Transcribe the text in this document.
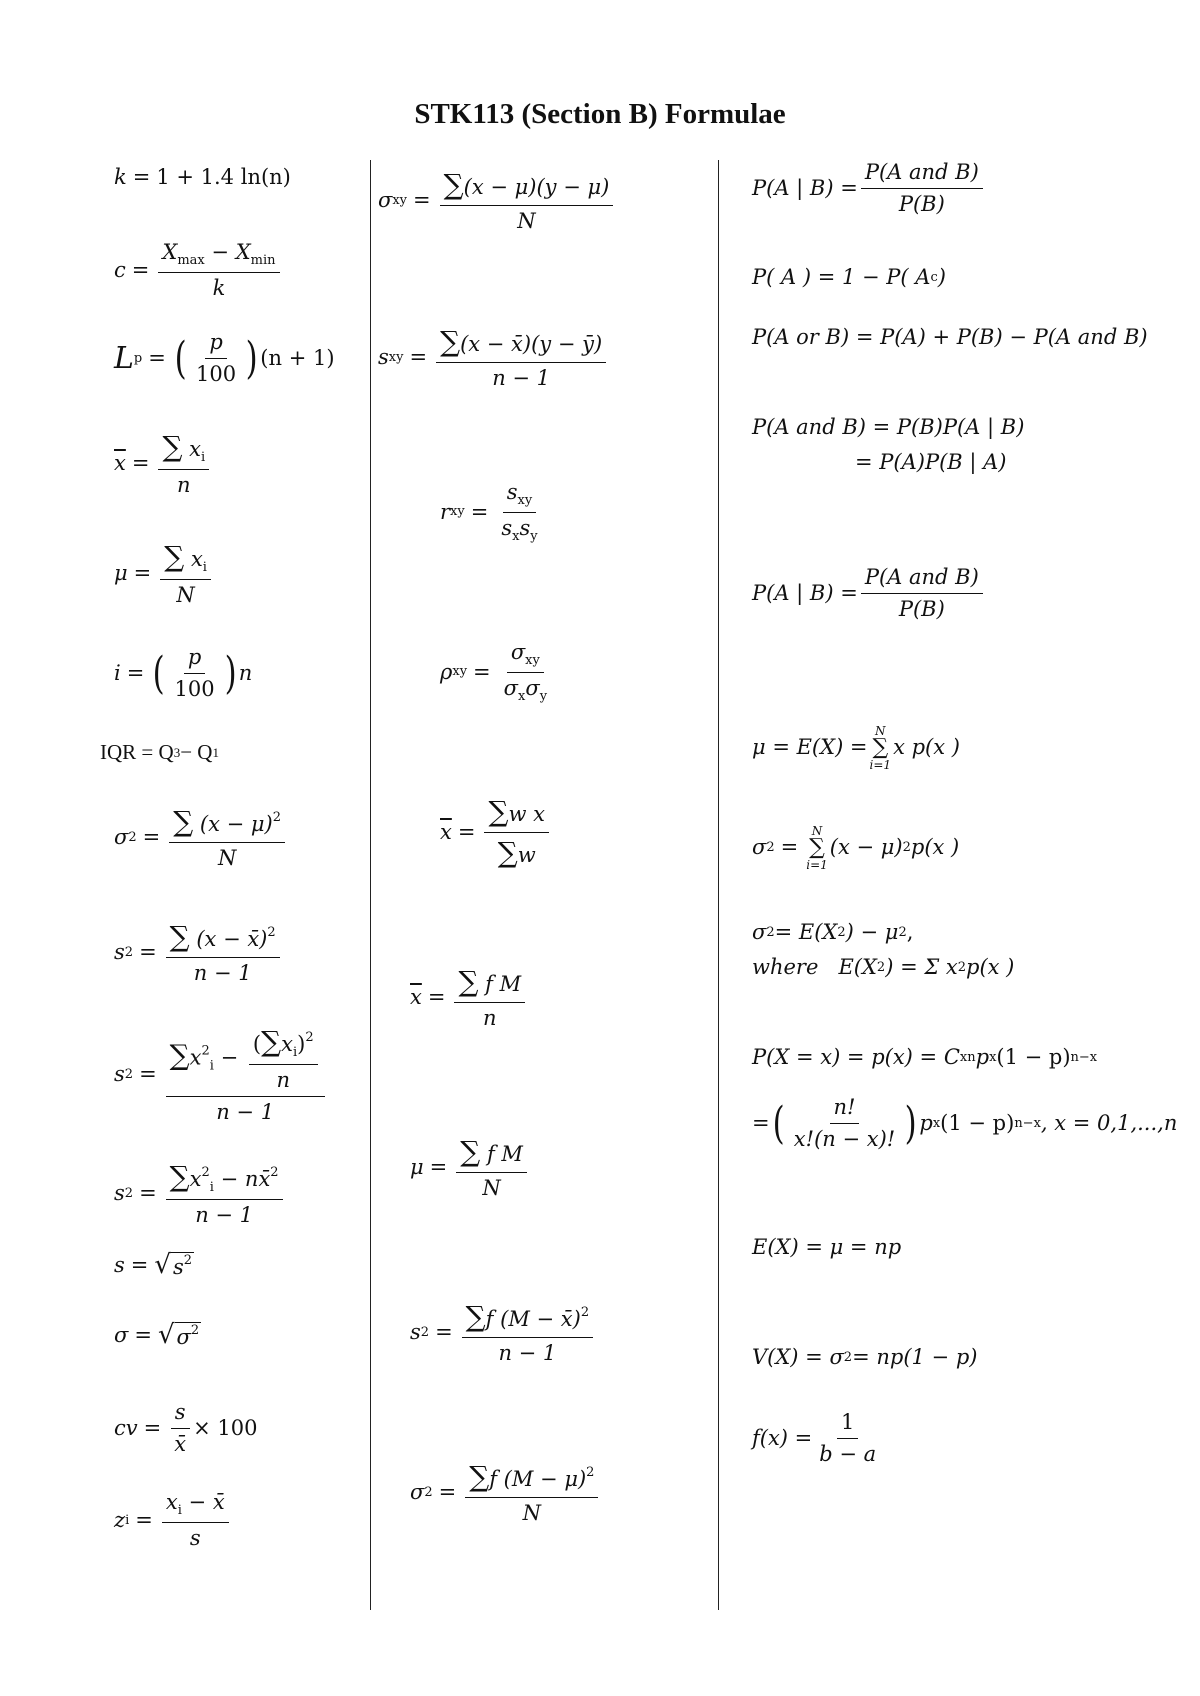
STK113 (Section B) Formulae
k = 1 + 1.4 ln(n)
$c = \frac{X_{max} - X_{min}}{k}$
L p = ( $\frac{p}{100}$ ) (n + 1)
$\overline{x} = \frac{\sum x_i}{n}$
$\mu = \frac{\sum x_i}{N}$
i = ( $\frac{p}{100}$ ) n
IQR = Q 3 − Q 1
σ $2 = \frac{\sum (x - \mu)^2}{N}$
s $2 = \frac{\sum (x - x̄)^2}{n - 1}$
s $2 = \frac{\sum x^2_i - \frac{(\sum x_i)^2}{n}}{n - 1}$
s $2 = \frac{\sum x^2_i - nx̄^2}{n - 1}$
s = √ $s^2$
σ = √ $\sigma^2$
cv = $\frac{s}{x̄} \times 100$
z $i = \frac{x_i - x̄}{s}$
σ xy = $\frac{\sum(x - \mu)(y - \mu)}{N}$
s xy = $\frac{\sum(x - x̄)(y - ȳ)}{n - 1}$
r xy = $\frac{s_{xy}}{s_xs_y}$
ρ xy = $\frac{\sigma_{xy}}{\sigma_x\sigma_y}$
$\overline{x} = \frac{\text{∑w x}}{\sum w}$
$\overline{x} = \frac{\text{∑ f M}}{n}$
$\mu = \frac{\text{∑ f M}}{N}$
s $2 = \frac{\sum f (M - x̄)^2}{n - 1}$
σ $2 = \frac{\sum f (M - \mu)^2}{N}$
P(A | $B) = \frac{\text{P(A and B)}}{P(B)}$
P( A ) = 1 − P( A c )
P(A or B) = P(A) + P(B) − P(A and B)
P(A and B) = P(B)P(A | B)
= P(A)P(B | A)
P(A | $B) = \frac{\text{P(A and B)}}{P(B)}$
μ = E(X) =
N
∑
i=1
x p(x )
σ 2 =
N
∑
i=1
(x − μ) 2 p(x )
σ 2 = E(X 2 ) − μ 2 ,
where
E(X 2 ) = Σ x 2 p(x )
P(X = x) = p(x) = C x n p x (1 − p) n−x
= ( $\frac{n!}{x!(n - x)!}$ ) p x (1 − p) n−x , x = 0,1,...,n
E(X) = μ = np
V(X) = σ 2 = np(1 − p)
$f(x) = \frac{1}{b - a}$
